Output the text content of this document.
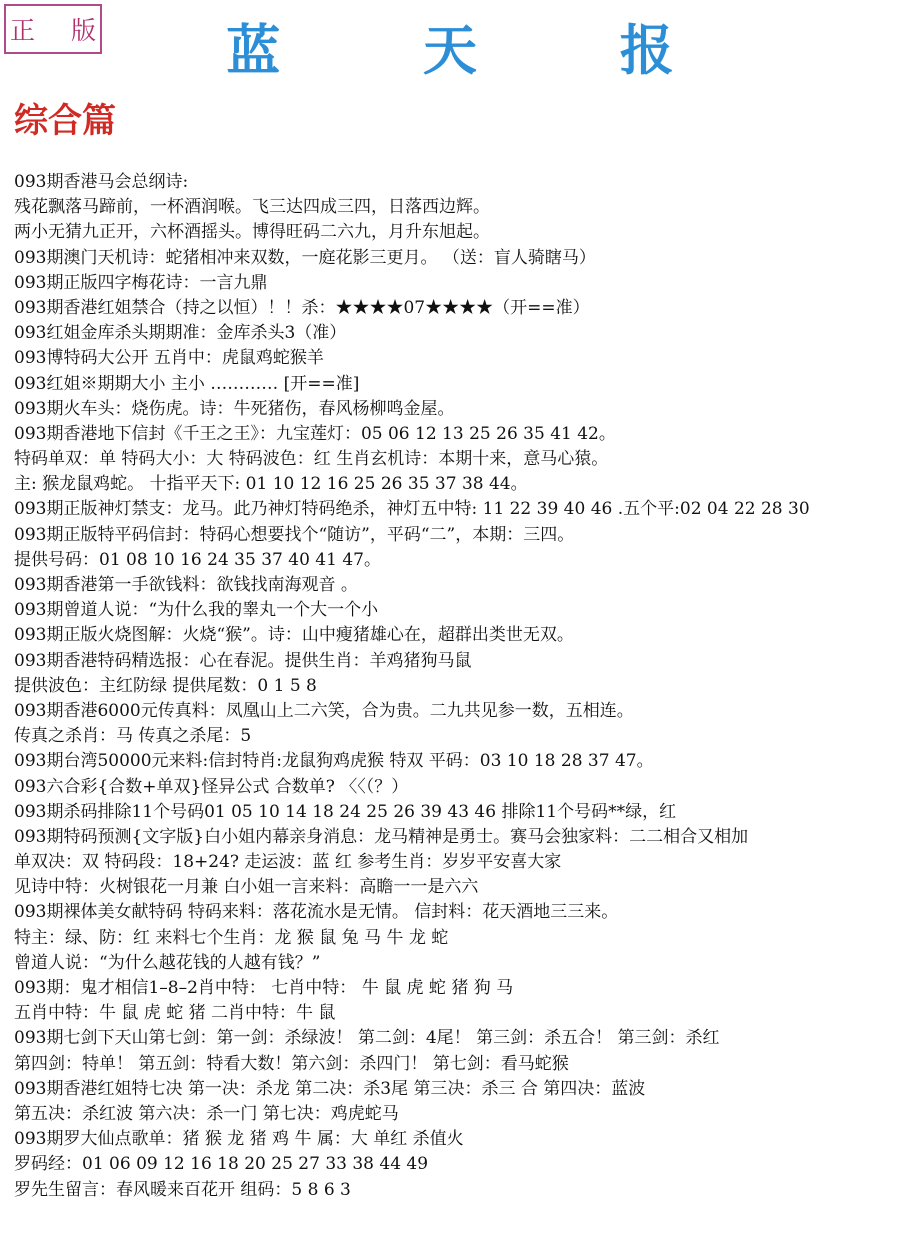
正 版	蓝 天 报
综合篇
093期香港马会总纲诗:
残花飘落马蹄前，一杯酒润喉。飞三达四成三四，日落西边辉。
两小无猜九正开，六杯酒摇头。博得旺码二六九，月升东旭起。
093期澳门天机诗：蛇猪相冲来双数，一庭花影三更月。 （送：盲人骑瞎马）
093期正版四字梅花诗：一言九鼎
093期香港红姐禁合（持之以恒）！！杀：★★★★07★★★★（开==准）
093红姐金库杀头期期准：金库杀头3（准）
093博特码大公开 五肖中：虎鼠鸡蛇猴羊
093红姐※期期大小 主小 ………… [开==准]
093期火车头：烧伤虎。诗：牛死猪伤，春风杨柳鸣金屋。
093期香港地下信封《千王之王》：九宝莲灯：05 06 12 13 25 26 35 41 42。
特码单双：单 特码大小：大 特码波色：红 生肖玄机诗：本期十来，意马心猿。
主: 猴龙鼠鸡蛇。 十指平天下: 01 10 12 16 25 26 35 37 38 44。
093期正版神灯禁支：龙马。此乃神灯特码绝杀，神灯五中特: 11 22 39 40 46 .五个平:02 04 22 28 30
093期正版特平码信封：特码心想要找个“随访”，平码“二”，本期：三四。
提供号码：01 08 10 16 24 35 37 40 41 47。
093期香港第一手欲钱料：欲钱找南海观音 。
093期曾道人说：“为什么我的睾丸一个大一个小
093期正版火烧图解：火烧“猴”。诗：山中瘦猪雄心在，超群出类世无双。
093期香港特码精选报：心在春泥。提供生肖：羊鸡猪狗马鼠
提供波色：主红防绿 提供尾数：0 1 5 8
093期香港6000元传真料：凤凰山上二六笑，合为贵。二九共见参一数，五相连。
传真之杀肖：马 传真之杀尾：5
093期台湾50000元来料:信封特肖:龙鼠狗鸡虎猴 特双 平码：03 10 18 28 37 47。
093六合彩{合数+单双}怪异公式 合数单? 〈〈（？）
093期杀码排除11个号码01 05 10 14 18 24 25 26 39 43 46 排除11个号码**绿，红
093期特码预测{文字版}白小姐内幕亲身消息：龙马精神是勇士。赛马会独家料：二二相合又相加
单双决：双 特码段：18+24? 走运波：蓝 红 参考生肖：岁岁平安喜大家
见诗中特：火树银花一月兼 白小姐一言来料：高瞻一一是六六
093期裸体美女献特码 特码来料：落花流水是无情。 信封料：花天酒地三三来。
特主：绿、防：红 来料七个生肖：龙 猴 鼠 兔 马 牛 龙 蛇
曾道人说：“为什么越花钱的人越有钱？”
093期：鬼才相信1–8–2肖中特： 七肖中特： 牛 鼠 虎 蛇 猪 狗 马
五肖中特：牛 鼠 虎 蛇 猪 二肖中特：牛 鼠
093期七剑下天山第七剑：第一剑：杀绿波！ 第二剑：4尾！ 第三剑：杀五合！ 第三剑：杀红
第四剑：特单！ 第五剑：特看大数！第六剑：杀四门！ 第七剑：看马蛇猴
093期香港红姐特七决 第一决：杀龙 第二决：杀3尾 第三决：杀三 合 第四决：蓝波
第五决：杀红波 第六决：杀一门 第七决：鸡虎蛇马
093期罗大仙点歌单：猪 猴 龙 猪 鸡 牛 属：大 单红 杀值火
罗码经：01 06 09 12 16 18 20 25 27 33 38 44 49
罗先生留言：春风暖来百花开 组码：5 8 6 3
